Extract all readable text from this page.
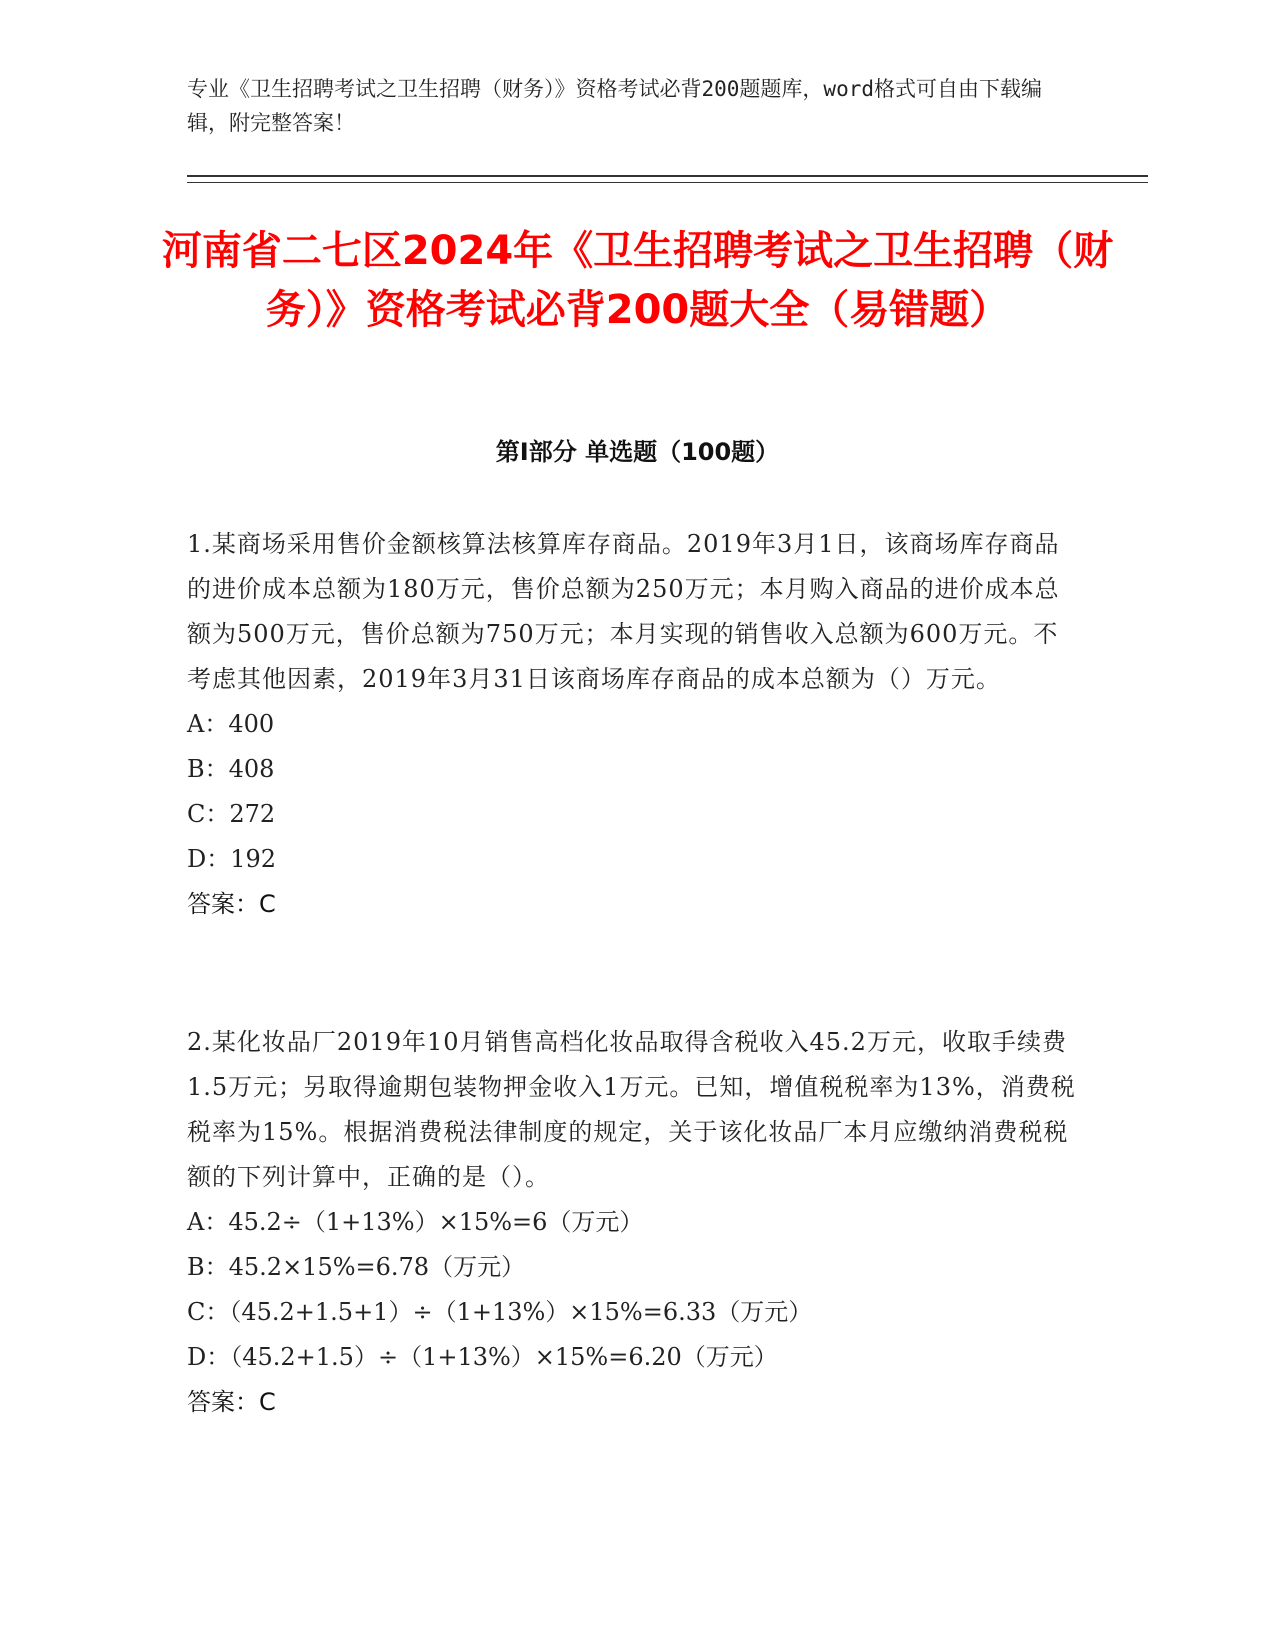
专业《卫生招聘考试之卫生招聘（财务）》资格考试必背200题题库，word格式可自由下载编辑，附完整答案！
河南省二七区2024年《卫生招聘考试之卫生招聘（财务）》资格考试必背200题大全（易错题）
第I部分 单选题（100题）
1.某商场采用售价金额核算法核算库存商品。2019年3月1日，该商场库存商品的进价成本总额为180万元，售价总额为250万元；本月购入商品的进价成本总额为500万元，售价总额为750万元；本月实现的销售收入总额为600万元。不考虑其他因素，2019年3月31日该商场库存商品的成本总额为（）万元。
A：400
B：408
C：272
D：192
答案：C
2.某化妆品厂2019年10月销售高档化妆品取得含税收入45.2万元，收取手续费1.5万元；另取得逾期包装物押金收入1万元。已知，增值税税率为13%，消费税税率为15%。根据消费税法律制度的规定，关于该化妆品厂本月应缴纳消费税税额的下列计算中，正确的是（）。
A：45.2÷（1+13%）×15%=6（万元）
B：45.2×15%=6.78（万元）
C：（45.2+1.5+1）÷（1+13%）×15%=6.33（万元）
D：（45.2+1.5）÷（1+13%）×15%=6.20（万元）
答案：C
